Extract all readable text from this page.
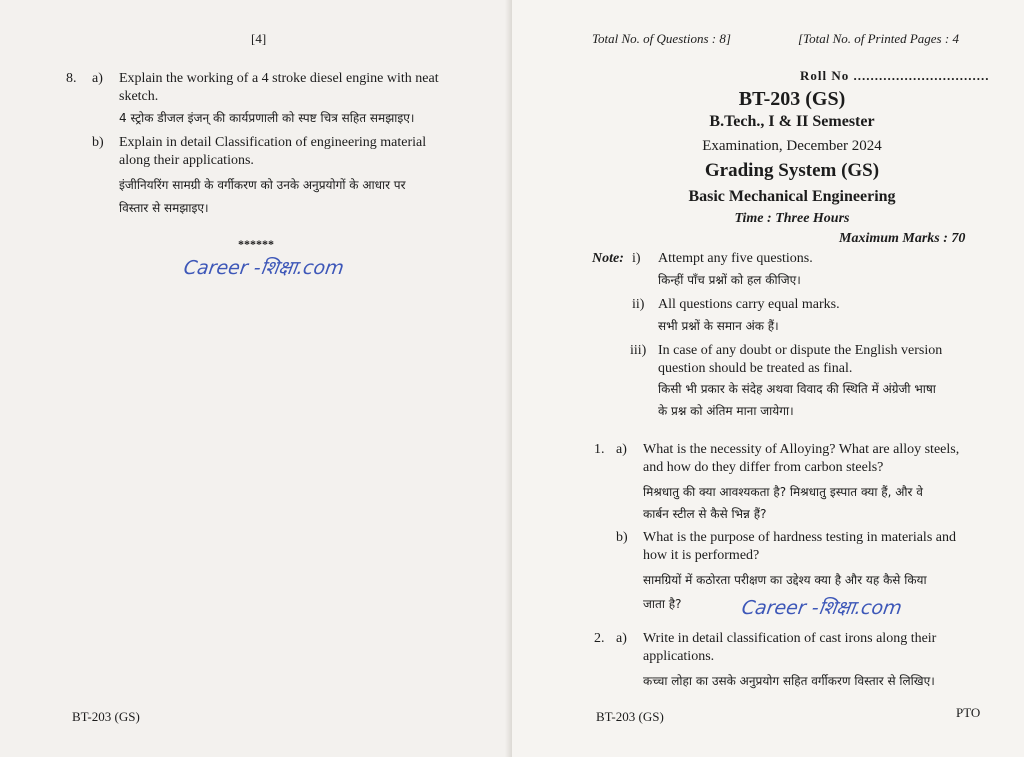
[4]
8. a) Explain the working of a 4 stroke diesel engine with neat
sketch.
4 स्ट्रोक डीजल इंजन् की कार्यप्रणाली को स्पष्ट चित्र सहित समझाइए।
b) Explain in detail Classification of engineering material
along their applications.
इंजीनियरिंग सामग्री के वर्गीकरण को उनके अनुप्रयोगों के आधार पर
विस्तार से समझाइए।
******
Career -शिक्षा.com
BT-203 (GS)
Total No. of Questions : 8]	[Total No. of Printed Pages : 4
Roll No ................................
BT-203 (GS)
B.Tech., I & II Semester
Examination, December 2024
Grading System (GS)
Basic Mechanical Engineering
Time : Three Hours
Maximum Marks : 70
Note: i) Attempt any five questions.
किन्हीं पाँच प्रश्नों को हल कीजिए।
ii) All questions carry equal marks.
सभी प्रश्नों के समान अंक हैं।
iii) In case of any doubt or dispute the English version
question should be treated as final.
किसी भी प्रकार के संदेह अथवा विवाद की स्थिति में अंग्रेजी भाषा
के प्रश्न को अंतिम माना जायेगा।
1. a) What is the necessity of Alloying? What are alloy steels,
and how do they differ from carbon steels?
मिश्रधातु की क्या आवश्यकता है? मिश्रधातु इस्पात क्या हैं, और वे
कार्बन स्टील से कैसे भिन्न हैं?
b) What is the purpose of hardness testing in materials and
how it is performed?
सामग्रियों में कठोरता परीक्षण का उद्देश्य क्या है और यह कैसे किया
जाता है?	Career -शिक्षा.com
2. a) Write in detail classification of cast irons along their
applications.
कच्चा लोहा का उसके अनुप्रयोग सहित वर्गीकरण विस्तार से लिखिए।
BT-203 (GS)	PTO
